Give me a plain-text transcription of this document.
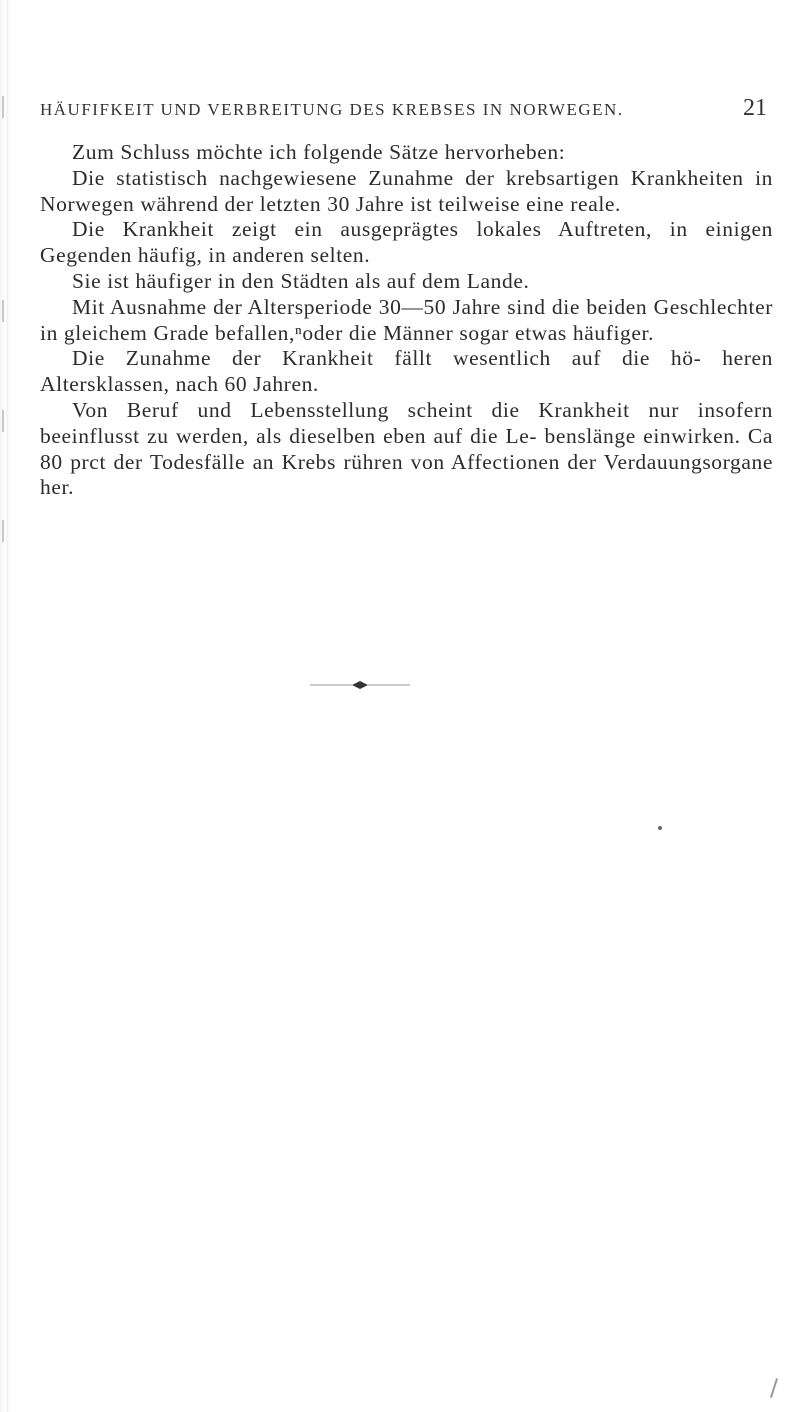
HÄUFIFKEIT UND VERBREITUNG DES KREBSES IN NORWEGEN.	21

Zum Schluss möchte ich folgende Sätze hervorheben:

Die statistisch nachgewiesene Zunahme der krebsartigen Krankheiten in Norwegen während der letzten 30 Jahre ist teilweise eine reale.

Die Krankheit zeigt ein ausgeprägtes lokales Auftreten, in einigen Gegenden häufig, in anderen selten.

Sie ist häufiger in den Städten als auf dem Lande.

Mit Ausnahme der Altersperiode 30—50 Jahre sind die beiden Geschlechter in gleichem Grade befallen,ⁿoder die Männer sogar etwas häufiger.

Die Zunahme der Krankheit fällt wesentlich auf die hö- heren Altersklassen, nach 60 Jahren.

Von Beruf und Lebensstellung scheint die Krankheit nur insofern beeinflusst zu werden, als dieselben eben auf die Le- benslänge einwirken. Ca 80 prct der Todesfälle an Krebs rühren von Affectionen der Verdauungsorgane her.
